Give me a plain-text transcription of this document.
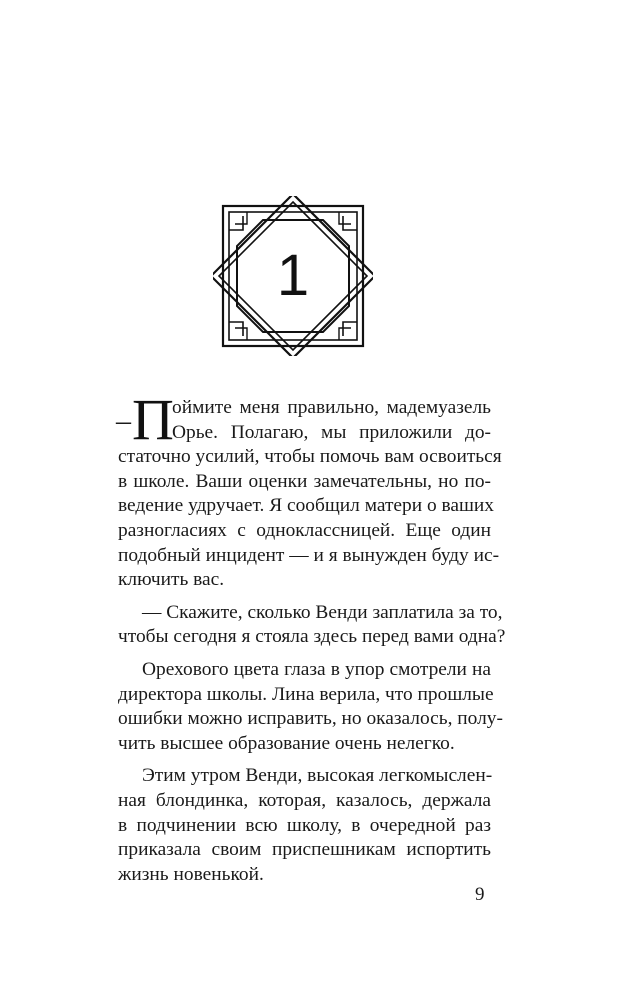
1
– П
оймите меня правильно, мадемуазель
Орье. Полагаю, мы приложили до-
статочно усилий, чтобы помочь вам освоиться
в школе. Ваши оценки замечательны, но по-
ведение удручает. Я сообщил матери о ваших
разногласиях с одноклассницей. Еще один
подобный инцидент — и я вынужден буду ис-
ключить вас.
— Скажите, сколько Венди заплатила за то,
чтобы сегодня я стояла здесь перед вами одна?
Орехового цвета глаза в упор смотрели на
директора школы. Лина верила, что прошлые
ошибки можно исправить, но оказалось, полу-
чить высшее образование очень нелегко.
Этим утром Венди, высокая легкомыслен-
ная блондинка, которая, казалось, держала
в подчинении всю школу, в очередной раз
приказала своим приспешникам испортить
жизнь новенькой.
9
